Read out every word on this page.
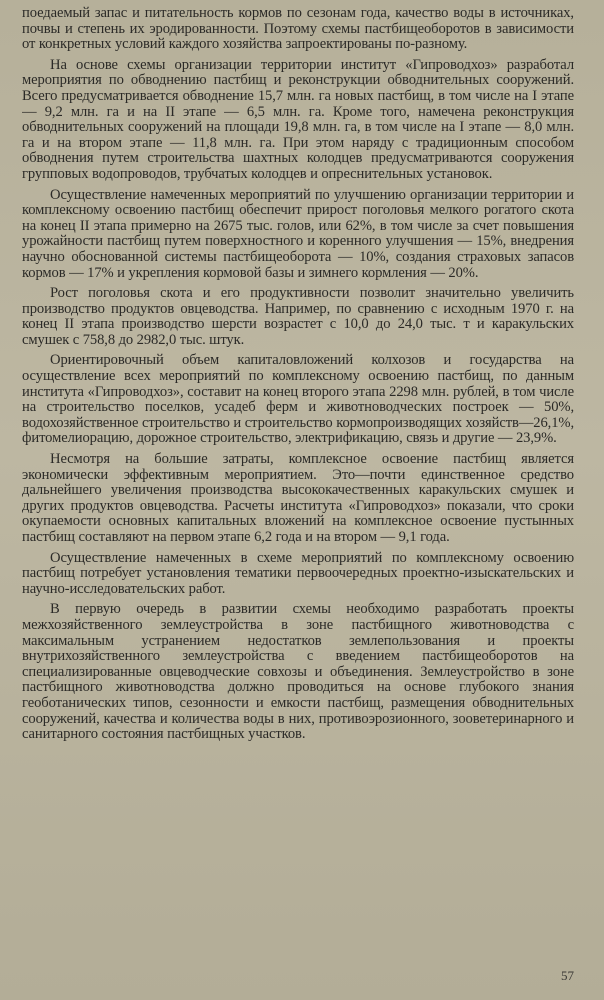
поедаемый запас и питательность кормов по сезонам года, качество воды в источниках, почвы и степень их эродированности. Поэтому схемы пастбищеоборотов в зависимости от конкретных условий каждого хозяйства запроектированы по-разному.

На основе схемы организации территории институт «Гипроводхоз» разработал мероприятия по обводнению пастбищ и реконструкции обводнительных сооружений. Всего предусматривается обводнение 15,7 млн. га новых пастбищ, в том числе на I этапе — 9,2 млн. га и на II этапе — 6,5 млн. га. Кроме того, намечена реконструкция обводнительных сооружений на площади 19,8 млн. га, в том числе на I этапе — 8,0 млн. га и на втором этапе — 11,8 млн. га. При этом наряду с традиционным способом обводнения путем строительства шахтных колодцев предусматриваются сооружения групповых водопроводов, трубчатых колодцев и опреснительных установок.

Осуществление намеченных мероприятий по улучшению организации территории и комплексному освоению пастбищ обеспечит прирост поголовья мелкого рогатого скота на конец II этапа примерно на 2675 тыс. голов, или 62%, в том числе за счет повышения урожайности пастбищ путем поверхностного и коренного улучшения — 15%, внедрения научно обоснованной системы пастбищеоборота — 10%, создания страховых запасов кормов — 17% и укрепления кормовой базы и зимнего кормления — 20%.

Рост поголовья скота и его продуктивности позволит значительно увеличить производство продуктов овцеводства. Например, по сравнению с исходным 1970 г. на конец II этапа производство шерсти возрастет с 10,0 до 24,0 тыс. т и каракульских смушек с 758,8 до 2982,0 тыс. штук.

Ориентировочный объем капиталовложений колхозов и государства на осуществление всех мероприятий по комплексному освоению пастбищ, по данным института «Гипроводхоз», составит на конец второго этапа 2298 млн. рублей, в том числе на строительство поселков, усадеб ферм и животноводческих построек — 50%, водохозяйственное строительство и строительство кормопроизводящих хозяйств—26,1%, фитомелиорацию, дорожное строительство, электрификацию, связь и другие — 23,9%.

Несмотря на большие затраты, комплексное освоение пастбищ является экономически эффективным мероприятием. Это—почти единственное средство дальнейшего увеличения производства высококачественных каракульских смушек и других продуктов овцеводства. Расчеты института «Гипроводхоз» показали, что сроки окупаемости основных капитальных вложений на комплексное освоение пустынных пастбищ составляют на первом этапе 6,2 года и на втором — 9,1 года.

Осуществление намеченных в схеме мероприятий по комплексному освоению пастбищ потребует установления тематики первоочередных проектно-изыскательских и научно-исследовательских работ.

В первую очередь в развитии схемы необходимо разработать проекты межхозяйственного землеустройства в зоне пастбищного животноводства с максимальным устранением недостатков землепользования и проекты внутрихозяйственного землеустройства с введением пастбищеоборотов на специализированные овцеводческие совхозы и объединения. Землеустройство в зоне пастбищного животноводства должно проводиться на основе глубокого знания геоботанических типов, сезонности и емкости пастбищ, размещения обводнительных сооружений, качества и количества воды в них, противоэрозионного, зооветеринарного и санитарного состояния пастбищных участков.

57
